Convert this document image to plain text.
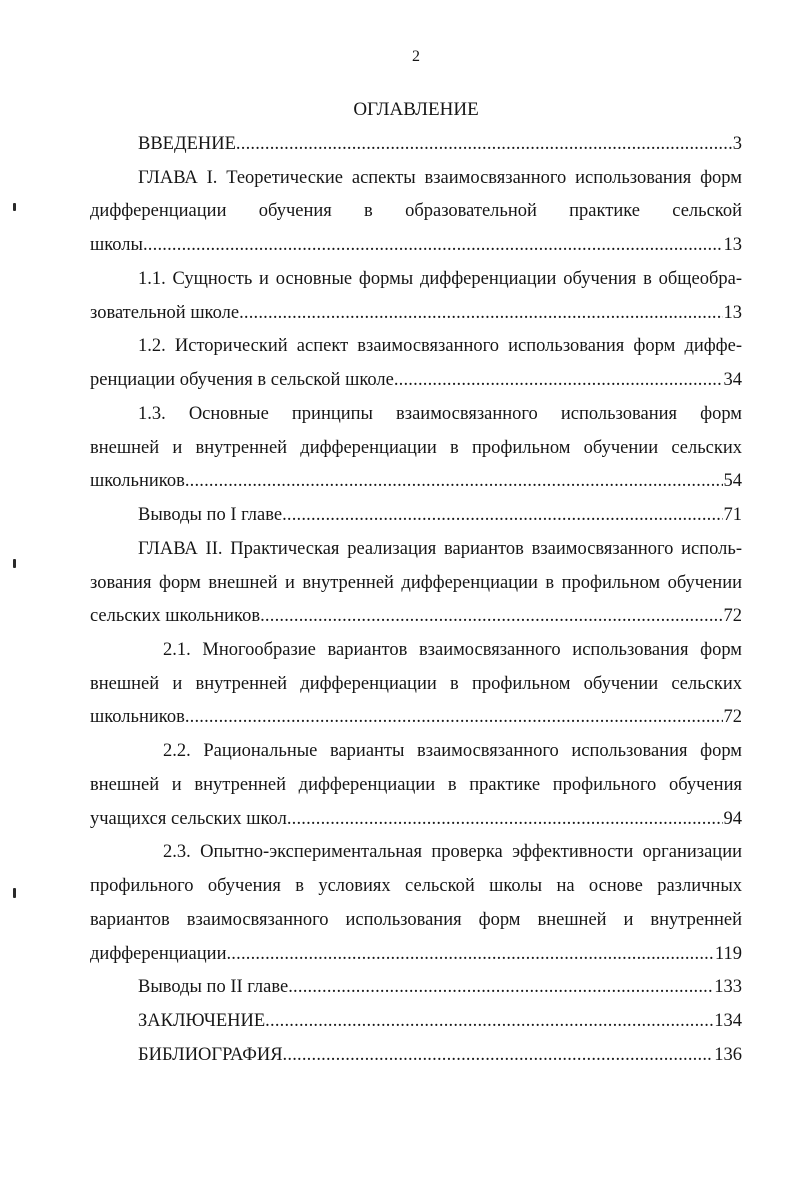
2
ОГЛАВЛЕНИЕ
ВВЕДЕНИЕ .....	3
ГЛАВА I. Теоретические аспекты взаимосвязанного использования форм
дифференциации обучения в образовательной практике сельской
школы .....	13
1.1. Сущность и основные формы дифференциации обучения в общеобра-
зовательной школе .....	13
1.2. Исторический аспект взаимосвязанного использования форм диффе-
ренциации обучения в сельской школе .....	34
1.3. Основные принципы взаимосвязанного использования форм
внешней и внутренней дифференциации в профильном обучении сельских
школьников .....	54
Выводы по I главе .....	71
ГЛАВА II. Практическая реализация вариантов взаимосвязанного исполь-
зования форм внешней и внутренней дифференциации в профильном обучении
сельских школьников .....	72
2.1. Многообразие вариантов взаимосвязанного использования форм
внешней и внутренней дифференциации в профильном обучении сельских
школьников .....	72
2.2. Рациональные варианты взаимосвязанного использования форм
внешней и внутренней дифференциации в практике профильного обучения
учащихся сельских школ .....	94
2.3. Опытно-экспериментальная проверка эффективности организации
профильного обучения в условиях сельской школы на основе различных
вариантов взаимосвязанного использования форм внешней и внутренней
дифференциации .....	119
Выводы по II главе .....	133
ЗАКЛЮЧЕНИЕ .....	134
БИБЛИОГРАФИЯ .....	136
